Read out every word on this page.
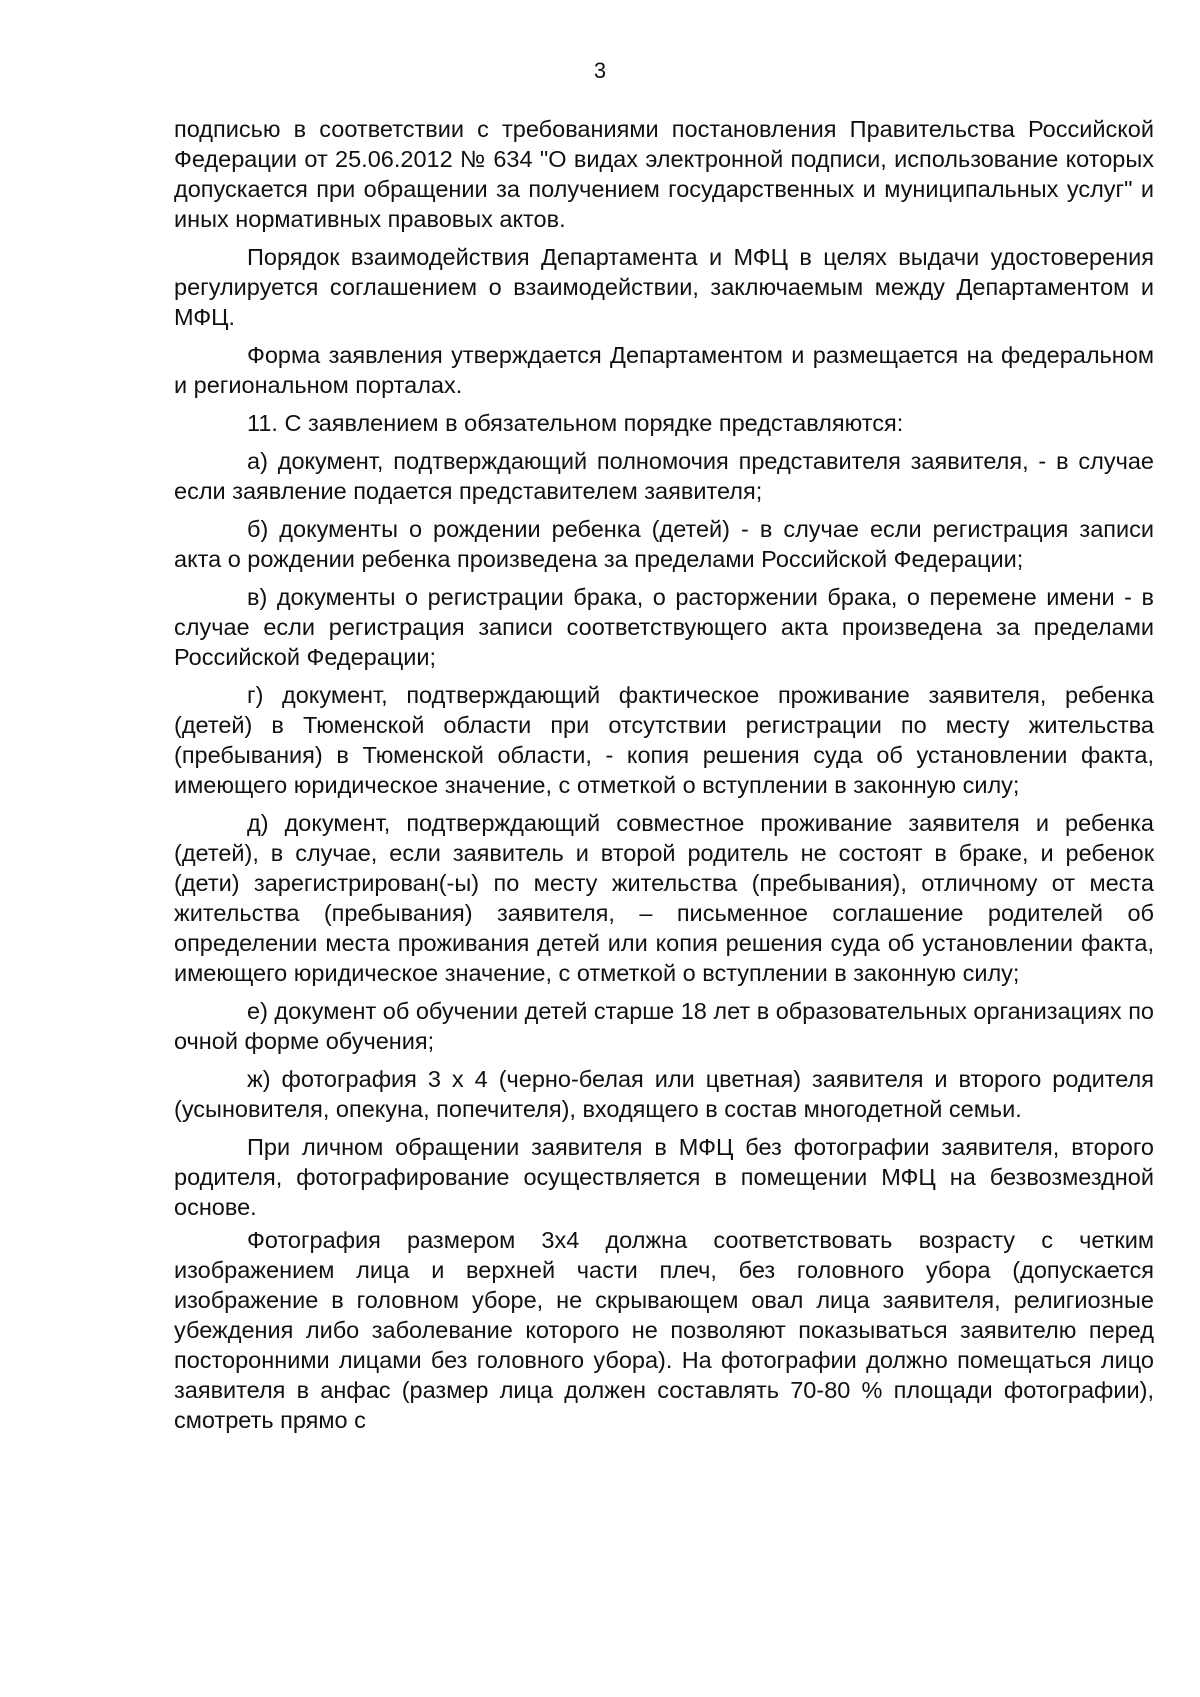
3

подписью в соответствии с требованиями постановления Правительства Российской Федерации от 25.06.2012 № 634 "О видах электронной подписи, использование которых допускается при обращении за получением государственных и муниципальных услуг" и иных нормативных правовых актов.

Порядок взаимодействия Департамента и МФЦ в целях выдачи удостоверения регулируется соглашением о взаимодействии, заключаемым между Департаментом и МФЦ.

Форма заявления утверждается Департаментом и размещается на федеральном и региональном порталах.

11. С заявлением в обязательном порядке представляются:

а) документ, подтверждающий полномочия представителя заявителя, - в случае если заявление подается представителем заявителя;

б) документы о рождении ребенка (детей) - в случае если регистрация записи акта о рождении ребенка произведена за пределами Российской Федерации;

в) документы о регистрации брака, о расторжении брака, о перемене имени - в случае если регистрация записи соответствующего акта произведена за пределами Российской Федерации;

г) документ, подтверждающий фактическое проживание заявителя, ребенка (детей) в Тюменской области при отсутствии регистрации по месту жительства (пребывания) в Тюменской области, - копия решения суда об установлении факта, имеющего юридическое значение, с отметкой о вступлении в законную силу;

д) документ, подтверждающий совместное проживание заявителя и ребенка (детей), в случае, если заявитель и второй родитель не состоят в браке, и ребенок (дети) зарегистрирован(-ы) по месту жительства (пребывания), отличному от места жительства (пребывания) заявителя, – письменное соглашение родителей об определении места проживания детей или копия решения суда об установлении факта, имеющего юридическое значение, с отметкой о вступлении в законную силу;

е) документ об обучении детей старше 18 лет в образовательных организациях по очной форме обучения;

ж) фотография 3 х 4 (черно-белая или цветная) заявителя и второго родителя (усыновителя, опекуна, попечителя), входящего в состав многодетной семьи.

При личном обращении заявителя в МФЦ без фотографии заявителя, второго родителя, фотографирование осуществляется в помещении МФЦ на безвозмездной основе.

Фотография размером 3х4 должна соответствовать возрасту с четким изображением лица и верхней части плеч, без головного убора (допускается изображение в головном уборе, не скрывающем овал лица заявителя, религиозные убеждения либо заболевание которого не позволяют показываться заявителю перед посторонними лицами без головного убора). На фотографии должно помещаться лицо заявителя в анфас (размер лица должен составлять 70-80 % площади фотографии), смотреть прямо с
